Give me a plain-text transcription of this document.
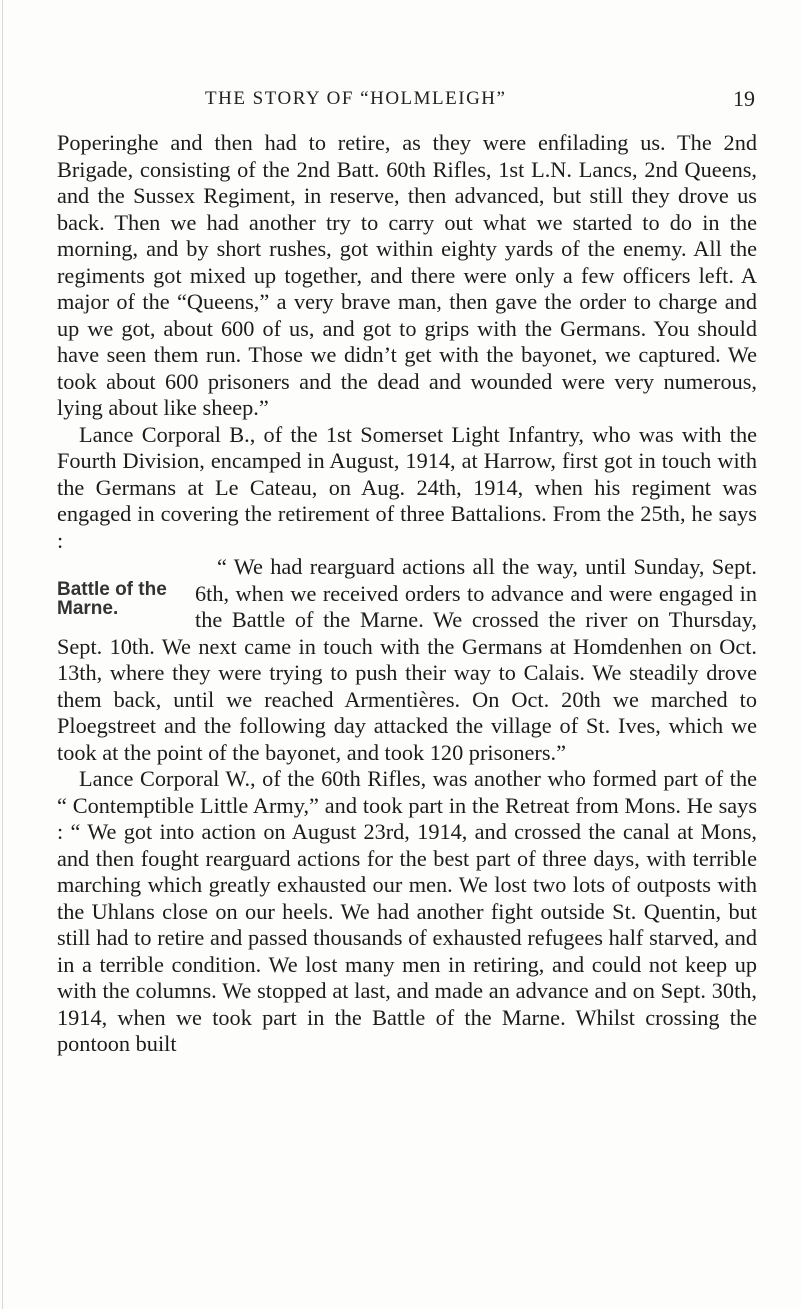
THE STORY OF “HOLMLEIGH”	19

Poperinghe and then had to retire, as they were enfilading us. The 2nd Brigade, consisting of the 2nd Batt. 60th Rifles, 1st L.N. Lancs, 2nd Queens, and the Sussex Regiment, in reserve, then advanced, but still they drove us back. Then we had another try to carry out what we started to do in the morning, and by short rushes, got within eighty yards of the enemy. All the regiments got mixed up together, and there were only a few officers left. A major of the “Queens,” a very brave man, then gave the order to charge and up we got, about 600 of us, and got to grips with the Germans. You should have seen them run. Those we didn’t get with the bayonet, we captured. We took about 600 prisoners and the dead and wounded were very numerous, lying about like sheep.”

Lance Corporal B., of the 1st Somerset Light Infantry, who was with the Fourth Division, encamped in August, 1914, at Harrow, first got in touch with the Germans at Le Cateau, on Aug. 24th, 1914, when his regiment was engaged in covering the retirement of three Battalions. From the 25th, he says :

Battle of the Marne.

“ We had rearguard actions all the way, until Sunday, Sept. 6th, when we received orders to advance and were engaged in the Battle of the Marne. We crossed the river on Thursday, Sept. 10th. We next came in touch with the Germans at Homdenhen on Oct. 13th, where they were trying to push their way to Calais. We steadily drove them back, until we reached Armentières. On Oct. 20th we marched to Ploegstreet and the following day attacked the village of St. Ives, which we took at the point of the bayonet, and took 120 prisoners.”

Lance Corporal W., of the 60th Rifles, was another who formed part of the “ Contemptible Little Army,” and took part in the Retreat from Mons. He says : “ We got into action on August 23rd, 1914, and crossed the canal at Mons, and then fought rearguard actions for the best part of three days, with terrible marching which greatly exhausted our men. We lost two lots of outposts with the Uhlans close on our heels. We had another fight outside St. Quentin, but still had to retire and passed thousands of exhausted refugees half starved, and in a terrible condition. We lost many men in retiring, and could not keep up with the columns. We stopped at last, and made an advance and on Sept. 30th, 1914, when we took part in the Battle of the Marne. Whilst crossing the pontoon built
